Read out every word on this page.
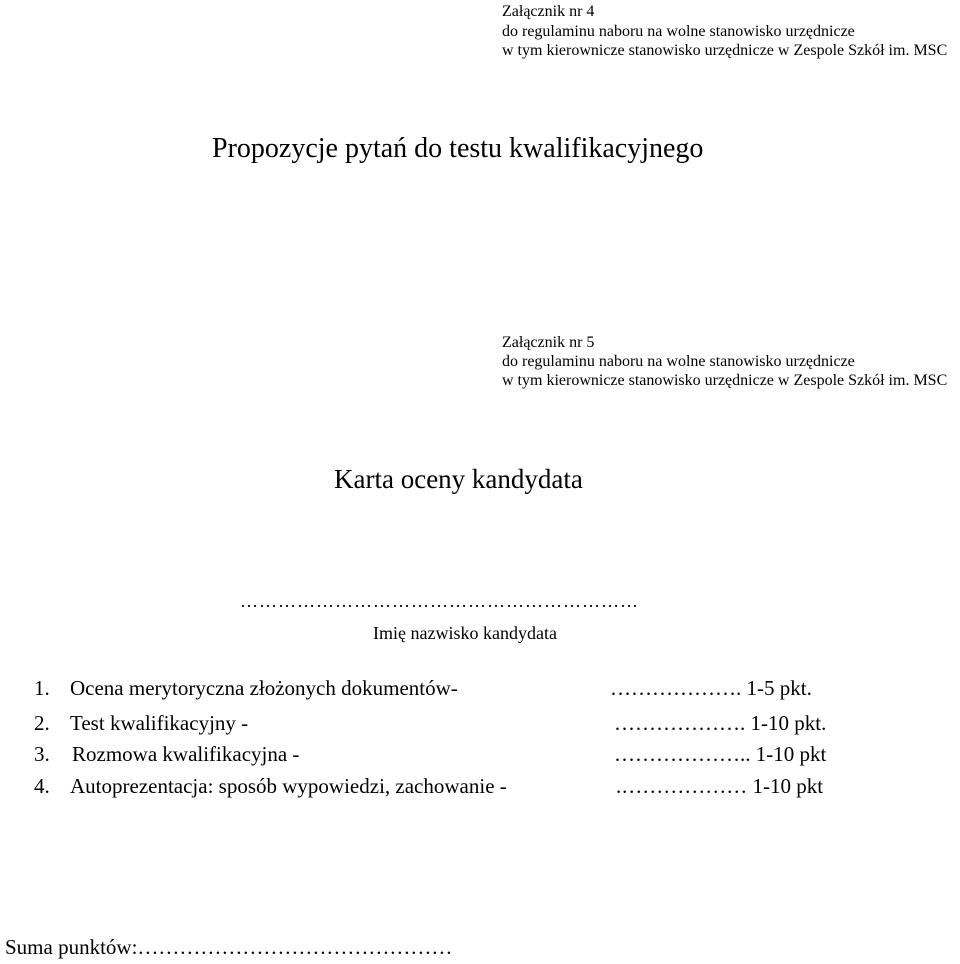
Załącznik nr 4
do regulaminu naboru na wolne stanowisko urzędnicze
w tym kierownicze stanowisko urzędnicze w Zespole Szkół im. MSC
Propozycje pytań do testu kwalifikacyjnego
Załącznik nr 5
do regulaminu naboru na wolne stanowisko urzędnicze
w tym kierownicze stanowisko urzędnicze w Zespole Szkół im. MSC
Karta oceny kandydata
………………………………………………………
Imię nazwisko kandydata
1. Ocena merytoryczna złożonych dokumentów-	………………. 1-5 pkt.
2. Test kwalifikacyjny -	………………. 1-10 pkt.
3. Rozmowa kwalifikacyjna -	……………….. 1-10 pkt
4. Autoprezentacja: sposób wypowiedzi, zachowanie -	.……………… 1-10 pkt
Suma punktów:………………………………………
